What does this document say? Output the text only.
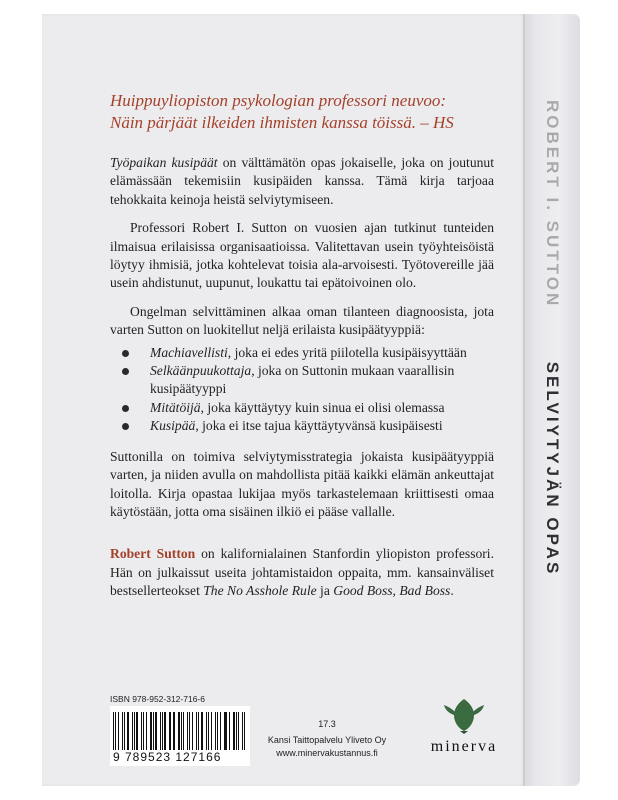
ROBERT I. SUTTON  SELVIYTYJÄN OPAS
Huippuyliopiston psykologian professori neuvoo:
Näin pärjäät ilkeiden ihmisten kanssa töissä. – HS

Työpaikan kusipäät on välttämätön opas jokaiselle, joka on joutunut elämässään tekemisiin kusipäiden kanssa. Tämä kirja tarjoaa tehokkaita keinoja heistä selviytymiseen.

Professori Robert I. Sutton on vuosien ajan tutkinut tunteiden ilmaisua erilaisissa organisaatioissa. Valitettavan usein työyhteisöistä löytyy ihmisiä, jotka kohtelevat toisia ala-arvoisesti. Työtovereille jää usein ahdistunut, uupunut, loukattu tai epätoivoinen olo.

Ongelman selvittäminen alkaa oman tilanteen diagnoosista, jota varten Sutton on luokitellut neljä erilaista kusipäätyyppiä:

Machiavellisti, joka ei edes yritä piilotella kusipäisyyttään
Selkäänpuukottaja, joka on Suttonin mukaan vaarallisin kusipäätyyppi
Mitätöijä, joka käyttäytyy kuin sinua ei olisi olemassa
Kusipää, joka ei itse tajua käyttäytyvänsä kusipäisesti

Suttonilla on toimiva selviytymisstrategia jokaista kusipäätyyppiä varten, ja niiden avulla on mahdollista pitää kaikki elämän ankeuttajat loitolla. Kirja opastaa lukijaa myös tarkastelemaan kriittisesti omaa käytöstään, jotta oma sisäinen ilkiö ei pääse vallalle.

Robert Sutton on kalifornialainen Stanfordin yliopiston professori. Hän on julkaissut useita johtamistaidon oppaita, mm. kansainväliset bestsellerteokset The No Asshole Rule ja Good Boss, Bad Boss.

ISBN 978-952-312-716-6
9 789523 127166
17.3
Kansi Taittopalvelu Yliveto Oy
www.minervakustannus.fi	minerva
